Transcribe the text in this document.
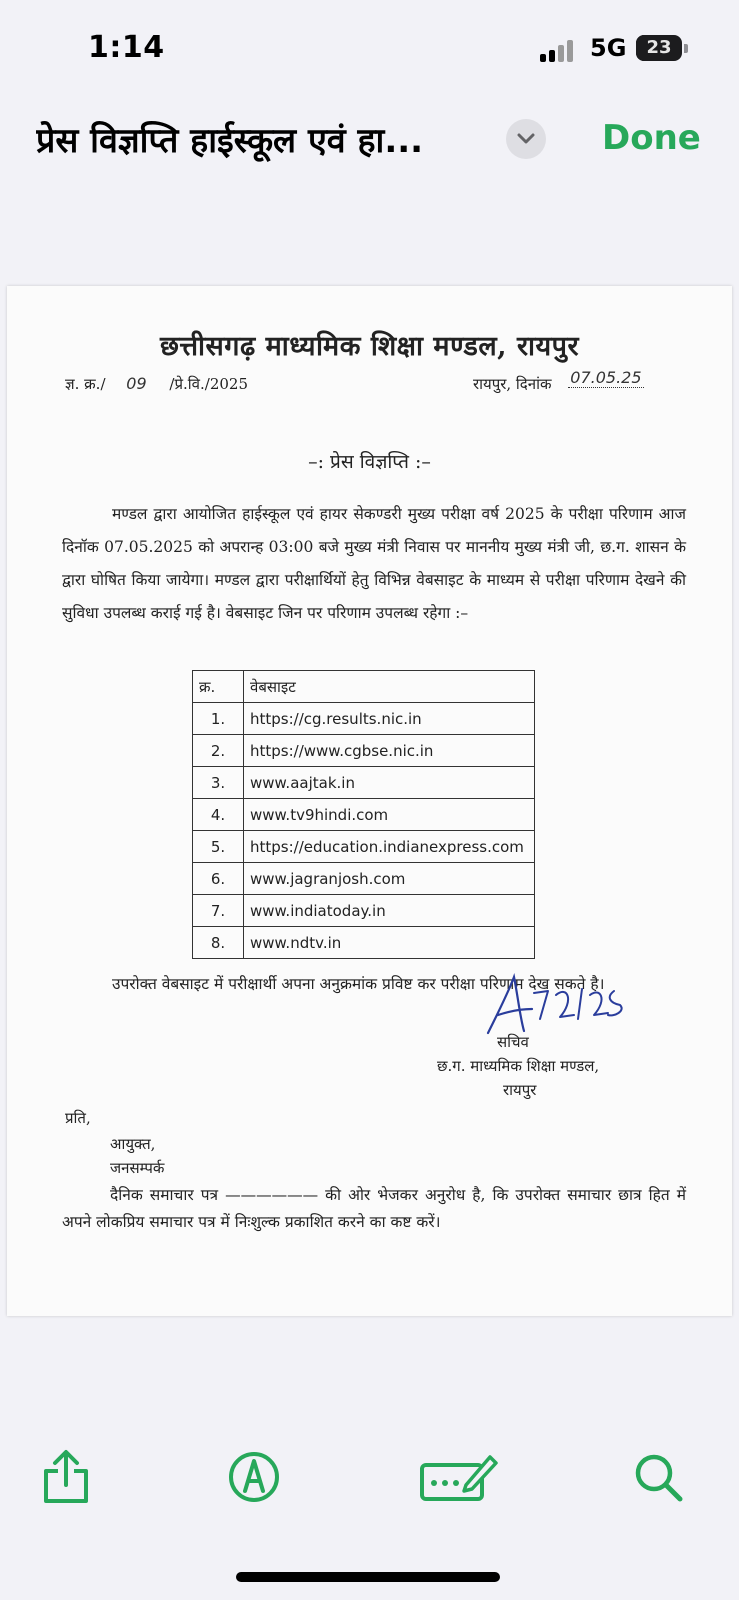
1:14	5G	23
प्रेस विज्ञप्ति हाईस्कूल एवं हा...	Done
छत्तीसगढ़ माध्यमिक शिक्षा मण्डल, रायपुर
ज्ञ. क्र./ 09 /प्रे.वि./2025	रायपुर, दिनांक 07.05.25
–: प्रेस विज्ञप्ति :–

मण्डल द्वारा आयोजित हाईस्कूल एवं हायर सेकण्डरी मुख्य परीक्षा वर्ष 2025 के परीक्षा परिणाम आज दिनॉक 07.05.2025 को अपरान्ह 03:00 बजे मुख्य मंत्री निवास पर माननीय मुख्य मंत्री जी, छ.ग. शासन के द्वारा घोषित किया जायेगा। मण्डल द्वारा परीक्षार्थियों हेतु विभिन्न वेबसाइट के माध्यम से परीक्षा परिणाम देखने की सुविधा उपलब्ध कराई गई है। वेबसाइट जिन पर परिणाम उपलब्ध रहेगा :–

क्र.	वेबसाइट
1.	https://cg.results.nic.in
2.	https://www.cgbse.nic.in
3.	www.aajtak.in
4.	www.tv9hindi.com
5.	https://education.indianexpress.com
6.	www.jagranjosh.com
7.	www.indiatoday.in
8.	www.ndtv.in

उपरोक्त वेबसाइट में परीक्षार्थी अपना अनुक्रमांक प्रविष्ट कर परीक्षा परिणाम देख सकते है।

सचिव
छ.ग. माध्यमिक शिक्षा मण्डल,
रायपुर
प्रति,
आयुक्त,
जनसम्पर्क

दैनिक समाचार पत्र —————— की ओर भेजकर अनुरोध है, कि उपरोक्त समाचार छात्र हित में अपने लोकप्रिय समाचार पत्र में निःशुल्क प्रकाशित करने का कष्ट करें।
